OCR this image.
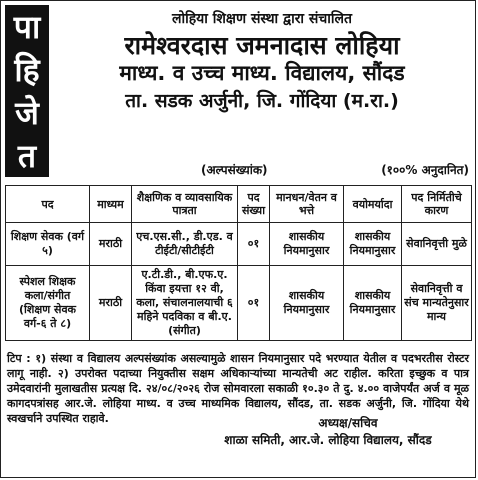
पा
हि
जे
त
लोहिया शिक्षण संस्था द्वारा संचालित
रामेश्वरदास जमनादास लोहिया
माध्य. व उच्च माध्य. विद्यालय, सौंदड
ता. सडक अर्जुनी, जि. गोंदिया (म.रा.)
(अल्पसंख्यांक)	(१००% अनुदानित)
पद	माध्यम	शैक्षणिक व व्यावसायिक पात्रता	पद संख्या	मानधन/वेतन व भत्ते	वयोमर्यादा	पद निर्मितीचे कारण
शिक्षण सेवक (वर्ग ५)	मराठी	एच.एस.सी., डी.एड. व टीईटी/सीटीईटी	०१	शासकीय नियमानुसार	शासकीय नियमानुसार	सेवानिवृत्ती मुळे
स्पेशल शिक्षक कला/संगीत (शिक्षण सेवक वर्ग-६ ते ८)	मराठी	ए.टी.डी., बी.एफ.ए. किंवा इयत्ता १२ वी, कला, संचालनालयाची ६ महिने पदविका व बी.ए. (संगीत)	०१	शासकीय नियमानुसार	शासकीय नियमानुसार	सेवानिवृत्ती व संच मान्यतेनुसार मान्य
टिप : १) संस्था व विद्यालय अल्पसंख्यांक असल्यामुळे शासन नियमानुसार पदे भरण्यात येतील व पदभरतीस रोस्टर लागू नाही. २) उपरोक्त पदाच्या नियुक्तीस सक्षम अधिकाऱ्यांच्या मान्यतेची अट राहील. करिता इच्छुक व पात्र उमेदवारांनी मुलाखतीस प्रत्यक्ष दि. २४/०८/२०२६ रोज सोमवारला सकाळी १०.३० ते दु. ४.०० वाजेपर्यंत अर्ज व मूळ कागदपत्रांसह आर.जे. लोहिया माध्य. व उच्च माध्यमिक विद्यालय, सौंदड, ता. सडक अर्जुनी, जि. गोंदिया येथे स्वखर्चाने उपस्थित राहावे.	अध्यक्ष/सचिव
शाळा समिती, आर.जे. लोहिया विद्यालय, सौंदड
